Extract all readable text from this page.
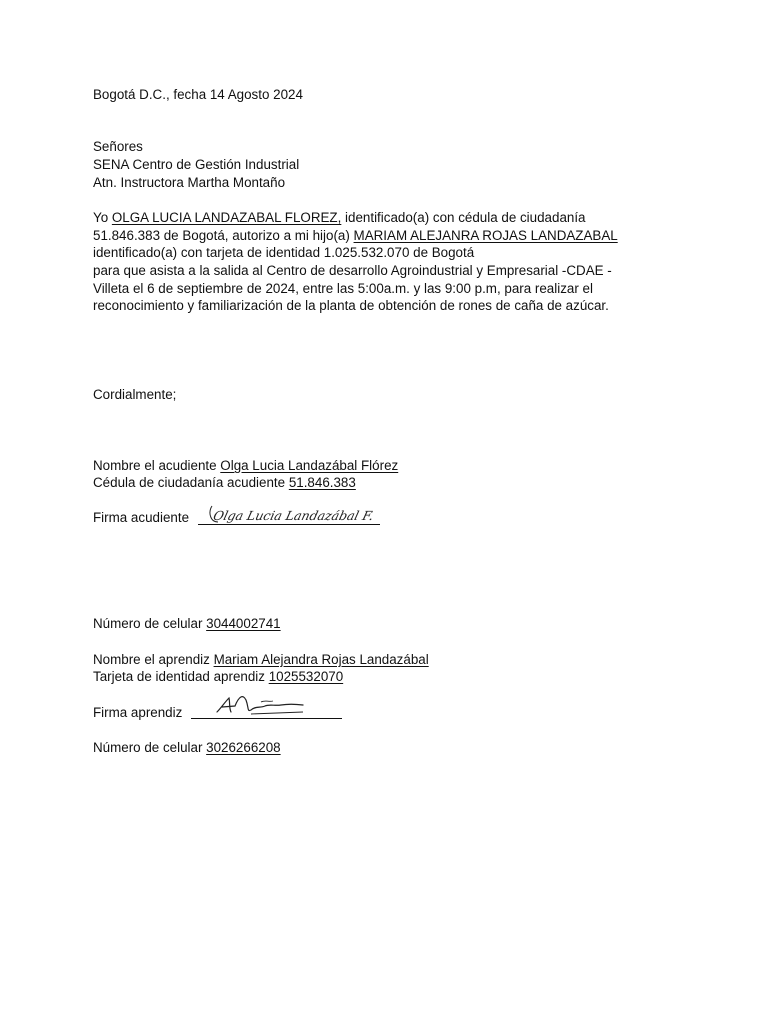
Bogotá D.C., fecha 14 Agosto 2024
Señores
SENA Centro de Gestión Industrial
Atn. Instructora Martha Montaño
Yo OLGA LUCIA LANDAZABAL FLOREZ, identificado(a) con cédula de ciudadanía
51.846.383 de Bogotá, autorizo a mi hijo(a) MARIAM ALEJANRA ROJAS LANDAZABAL
identificado(a) con tarjeta de identidad 1.025.532.070 de Bogotá
para que asista a la salida al Centro de desarrollo Agroindustrial y Empresarial -CDAE -
Villeta el 6 de septiembre de 2024, entre las 5:00a.m. y las 9:00 p.m, para realizar el
reconocimiento y familiarización de la planta de obtención de rones de caña de azúcar.
Cordialmente;
Nombre el acudiente Olga Lucia Landazábal Flórez
Cédula de ciudadanía acudiente 51.846.383
Firma acudiente Olga Lucia Landazábal F.
Número de celular 3044002741
Nombre el aprendiz Mariam Alejandra Rojas Landazábal
Tarjeta de identidad aprendiz 1025532070
Firma aprendiz
Número de celular 3026266208
